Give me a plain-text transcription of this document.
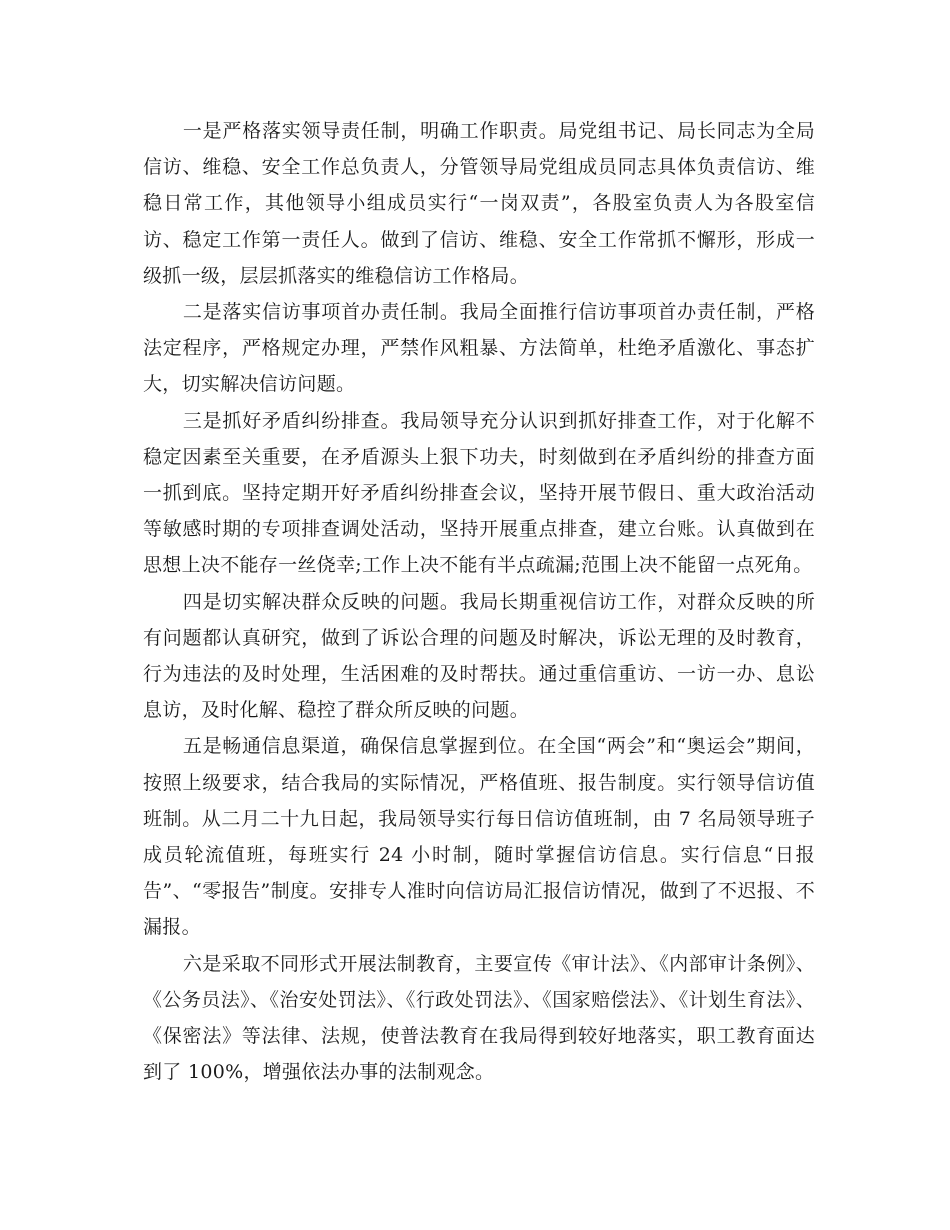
一是严格落实领导责任制，明确工作职责。局党组书记、局长同志为全局信访、维稳、安全工作总负责人，分管领导局党组成员同志具体负责信访、维稳日常工作，其他领导小组成员实行“一岗双责”，各股室负责人为各股室信访、稳定工作第一责任人。做到了信访、维稳、安全工作常抓不懈形，形成一级抓一级，层层抓落实的维稳信访工作格局。

二是落实信访事项首办责任制。我局全面推行信访事项首办责任制，严格法定程序，严格规定办理，严禁作风粗暴、方法简单，杜绝矛盾激化、事态扩大，切实解决信访问题。

三是抓好矛盾纠纷排查。我局领导充分认识到抓好排查工作，对于化解不稳定因素至关重要，在矛盾源头上狠下功夫，时刻做到在矛盾纠纷的排查方面一抓到底。坚持定期开好矛盾纠纷排查会议，坚持开展节假日、重大政治活动等敏感时期的专项排查调处活动，坚持开展重点排查，建立台账。认真做到在思想上决不能存一丝侥幸;工作上决不能有半点疏漏;范围上决不能留一点死角。

四是切实解决群众反映的问题。我局长期重视信访工作，对群众反映的所有问题都认真研究，做到了诉讼合理的问题及时解决，诉讼无理的及时教育，行为违法的及时处理，生活困难的及时帮扶。通过重信重访、一访一办、息讼息访，及时化解、稳控了群众所反映的问题。

五是畅通信息渠道，确保信息掌握到位。在全国“两会”和“奥运会”期间，按照上级要求，结合我局的实际情况，严格值班、报告制度。实行领导信访值班制。从二月二十九日起，我局领导实行每日信访值班制，由 7 名局领导班子成员轮流值班，每班实行 24 小时制，随时掌握信访信息。实行信息“日报告”、“零报告”制度。安排专人准时向信访局汇报信访情况，做到了不迟报、不漏报。

六是采取不同形式开展法制教育，主要宣传《审计法》、《内部审计条例》、《公务员法》、《治安处罚法》、《行政处罚法》、《国家赔偿法》、《计划生育法》、《保密法》等法律、法规，使普法教育在我局得到较好地落实，职工教育面达到了 100%，增强依法办事的法制观念。
